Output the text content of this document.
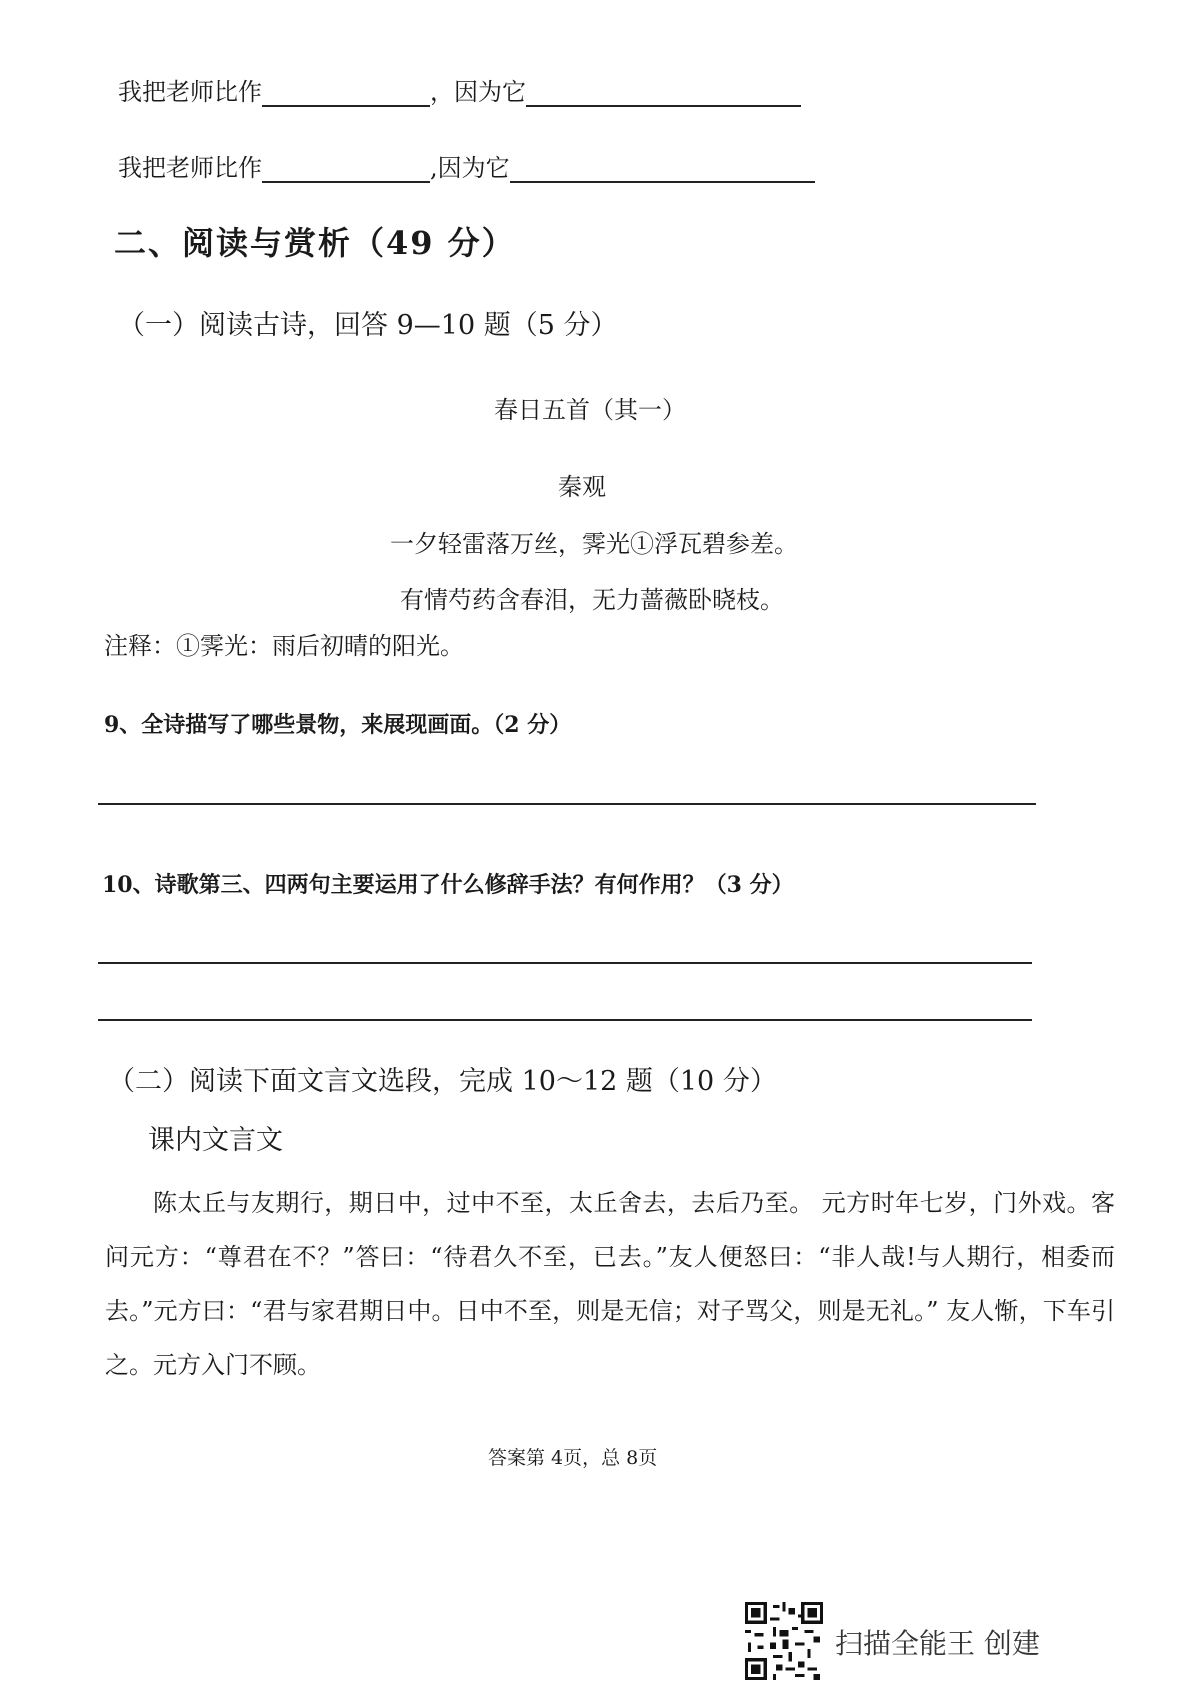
我把老师比作	，因为它
我把老师比作	,因为它
二、阅读与赏析（49 分）
（一）阅读古诗，回答 9—10 题（5 分）
春日五首（其一）
秦观
一夕轻雷落万丝，霁光①浮瓦碧参差。
有情芍药含春泪，无力蔷薇卧晓枝。
注释：①霁光：雨后初晴的阳光。
9、全诗描写了哪些景物，来展现画面。（2 分）
10、诗歌第三、四两句主要运用了什么修辞手法？有何作用？（3 分）
（二）阅读下面文言文选段，完成 10～12 题（10 分）
课内文言文
陈太丘与友期行，期日中，过中不至，太丘舍去，去后乃至。 元方时年七岁，门外戏。客问元方：“尊君在不？”答曰：“待君久不至，已去。”友人便怒曰：“非人哉!与人期行，相委而去。”元方曰：“君与家君期日中。日中不至，则是无信；对子骂父，则是无礼。” 友人惭，下车引之。元方入门不顾。
答案第 4页，总 8页
扫描全能王 创建
